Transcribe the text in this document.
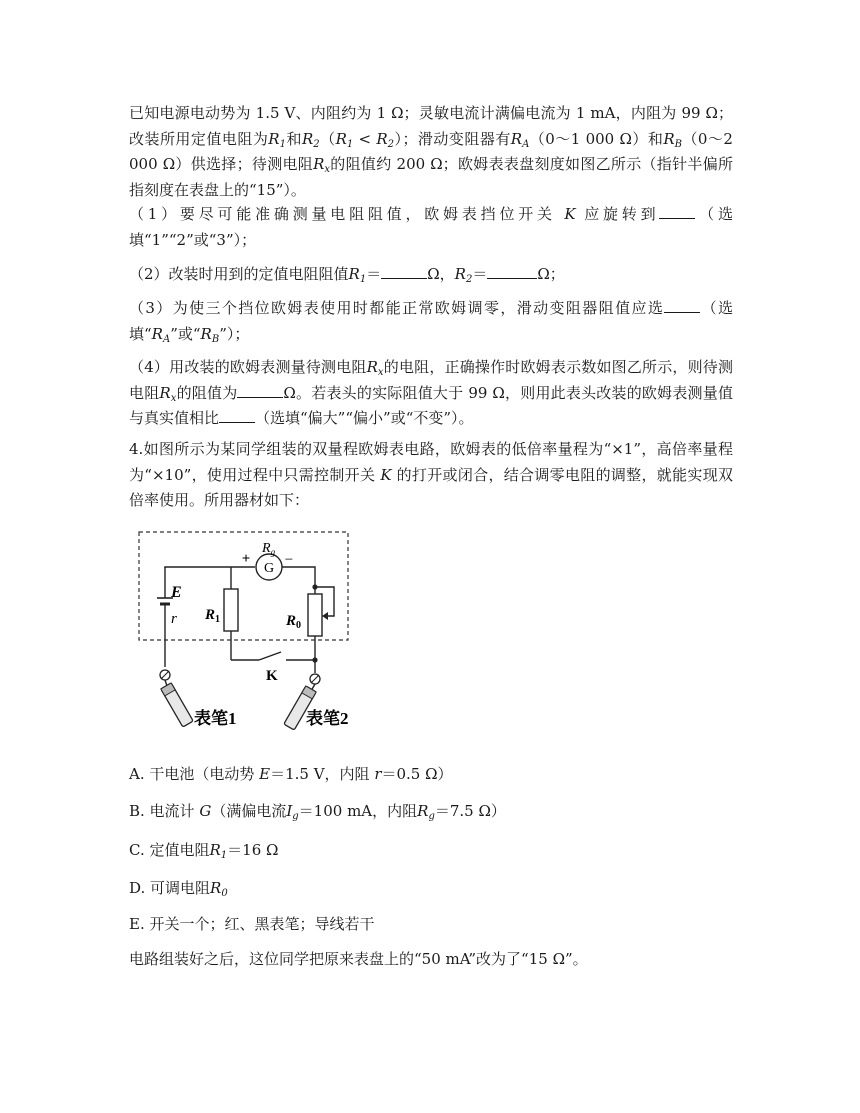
已知电源电动势为 1.5 V、内阻约为 1 Ω；灵敏电流计满偏电流为 1 mA，内阻为 99 Ω；改装所用定值电阻为$R_1$和$R_2(R_1 < R_2)$；滑动变阻器有$R_A(0\sim 1$ 000 Ω）和$R_B(0\sim 2$ 000 Ω）供选择；待测电阻$R_x$的阻值约 200 Ω；欧姆表表盘刻度如图乙所示（指针半偏所指刻度在表盘上的“15”）。
（1）要尽可能准确测量电阻阻值，欧姆表挡位开关 K 应旋转到 （选填“1”“2”或“3”）；
（2）改装时用到的定值电阻阻值$R_1=$	Ω，$R_2=$	Ω；
（3）为使三个挡位欧姆表使用时都能正常欧姆调零，滑动变阻器阻值应选 （选填“$R_A$”或“$R_B$”）；
（4）用改装的欧姆表测量待测电阻$R_x$的电阻，正确操作时欧姆表示数如图乙所示，则待测电阻$R_x$的阻值为	Ω。若表头的实际阻值大于 99 Ω，则用此表头改装的欧姆表测量值与真实值相比 （选填“偏大”“偏小”或“不变”）。
4.如图所示为某同学组装的双量程欧姆表电路，欧姆表的低倍率量程为“×1”，高倍率量程为“×10”，使用过程中只需控制开关 K 的打开或闭合，结合调零电阻的调整，就能实现双倍率使用。所用器材如下：
G
+ −
$R_g$
E
r $R_1$	$R_0$
K
表笔1	表笔2
A. 干电池（电动势 E＝1.5 V，内阻 r＝0.5 Ω）
B. 电流计 G（满偏电流$I_g=100$ mA，内阻$R_g=7.5$ Ω）
C. 定值电阻$R_1=16$ Ω
D. 可调电阻$R_0$
E. 开关一个；红、黑表笔；导线若干
电路组装好之后，这位同学把原来表盘上的“50 mA”改为了“15 Ω”。
